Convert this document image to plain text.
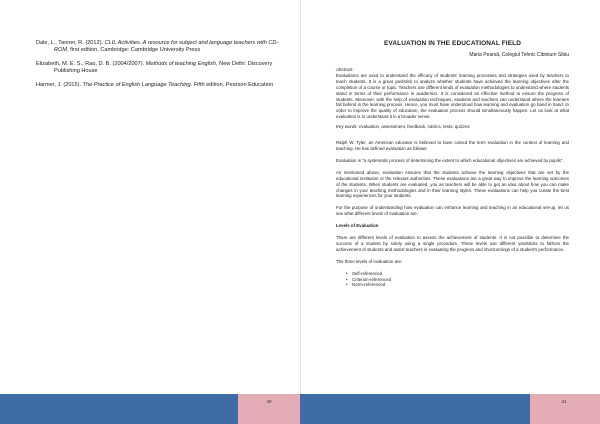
Dale, L., Tanner, R. (2012). CLIL Activities. A resource for subject and language teachers with CD-ROM, first edition, Cambridge: Cambridge University Press

Elizabeth, M. E. S., Rao, D. B. (2004/2007). Methods of teaching English, New Delhi: Discovery Publishing House

Harmer, J. (2015). The Practice of English Language Teaching. Fifth edition. Pearson Education

EVALUATION IN THE EDUCATIONAL FIELD

Maria Pearsă, Colegiul Tehnic Cibinium Sibiu

Abstract:

Evaluations are used to understand the efficacy of students' learning processes and strategies used by teachers to teach students. It is a great yardstick to analyze whether students have achieved the learning objectives after the completion of a course or topic. Teachers use different kinds of evaluation methodologies to understand where students stand in terms of their performance in academics. It is considered an effective method to ensure the progress of students. Moreover, with the help of evaluation techniques, students and teachers can understand where the learners fall behind in the learning process. Hence, you must have understood how learning and evaluation go hand in hand. In order to improve the quality of education, the evaluation process should simultaneously happen. Let us look at what evaluation is to understand it in a broader sense.

Key words: evaluation, assessment, feedback, rubrics, tests, quizzes

Ralph W. Tyler, an American educator is believed to have coined the term evaluation in the context of learning and teaching. He has defined evaluation as follows:

Evaluation is "a systematic process of determining the extent to which educational objectives are achieved by pupils".

As mentioned above, evaluation ensures that the students achieve the learning objectives that are set by the educational institution or the relevant authorities. These evaluations are a great way to improve the learning outcomes of the students. When students are evaluated, you as teachers will be able to get an idea about how you can make changes in your teaching methodologies and in their learning styles. These evaluations can help you curate the best learning experiences for your students.

For the purpose of understanding how evaluation can enhance learning and teaching in an educational set-up, let us see what different levels of evaluation are.

Levels of Evaluation

There are different levels of evaluation to assess the achievement of students. It is not possible to determine the success of a student by solely using a single procedure. These levels use different yardsticks to fathom the achievement of students and assist teachers in evaluating the progress and shortcomings of a student's performance.

The three levels of evaluation are:

• Self-referenced
• Criterion-referenced
• Norm-referenced
40	41
